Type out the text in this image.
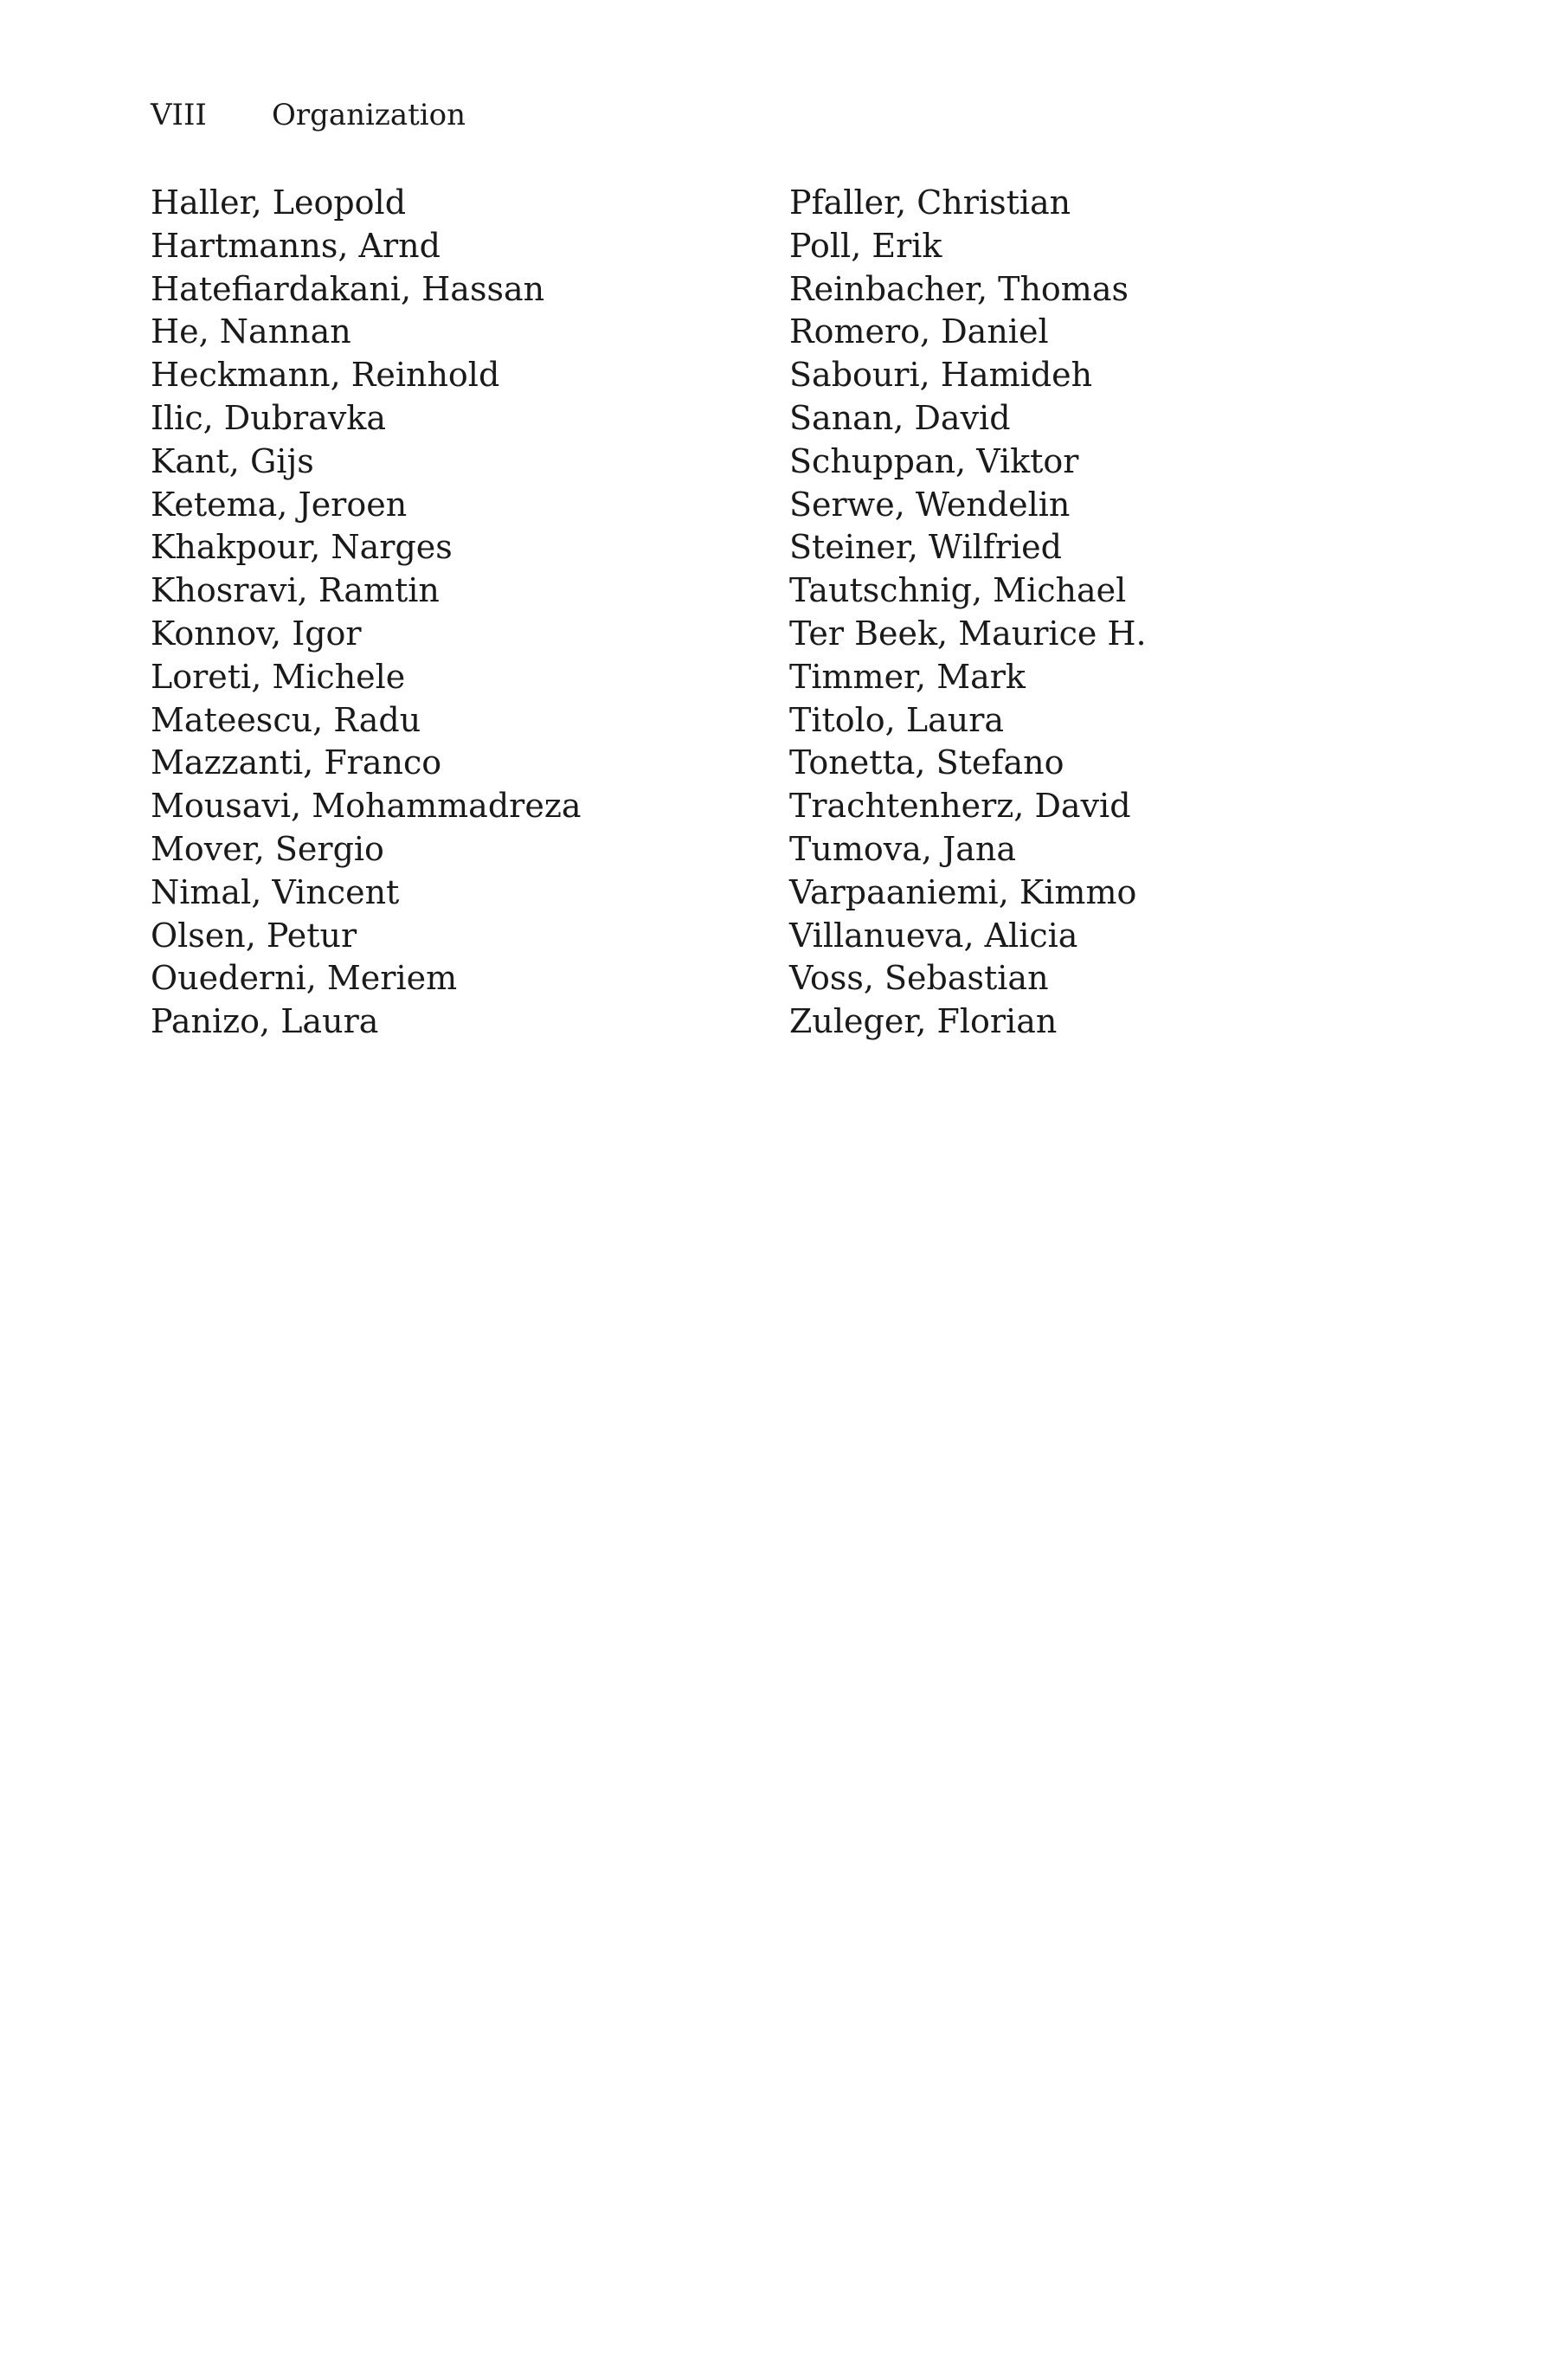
VIII	Organization
Haller, Leopold
Hartmanns, Arnd
Hatefiardakani, Hassan
He, Nannan
Heckmann, Reinhold
Ilic, Dubravka
Kant, Gijs
Ketema, Jeroen
Khakpour, Narges
Khosravi, Ramtin
Konnov, Igor
Loreti, Michele
Mateescu, Radu
Mazzanti, Franco
Mousavi, Mohammadreza
Mover, Sergio
Nimal, Vincent
Olsen, Petur
Ouederni, Meriem
Panizo, Laura
Pfaller, Christian
Poll, Erik
Reinbacher, Thomas
Romero, Daniel
Sabouri, Hamideh
Sanan, David
Schuppan, Viktor
Serwe, Wendelin
Steiner, Wilfried
Tautschnig, Michael
Ter Beek, Maurice H.
Timmer, Mark
Titolo, Laura
Tonetta, Stefano
Trachtenherz, David
Tumova, Jana
Varpaaniemi, Kimmo
Villanueva, Alicia
Voss, Sebastian
Zuleger, Florian
